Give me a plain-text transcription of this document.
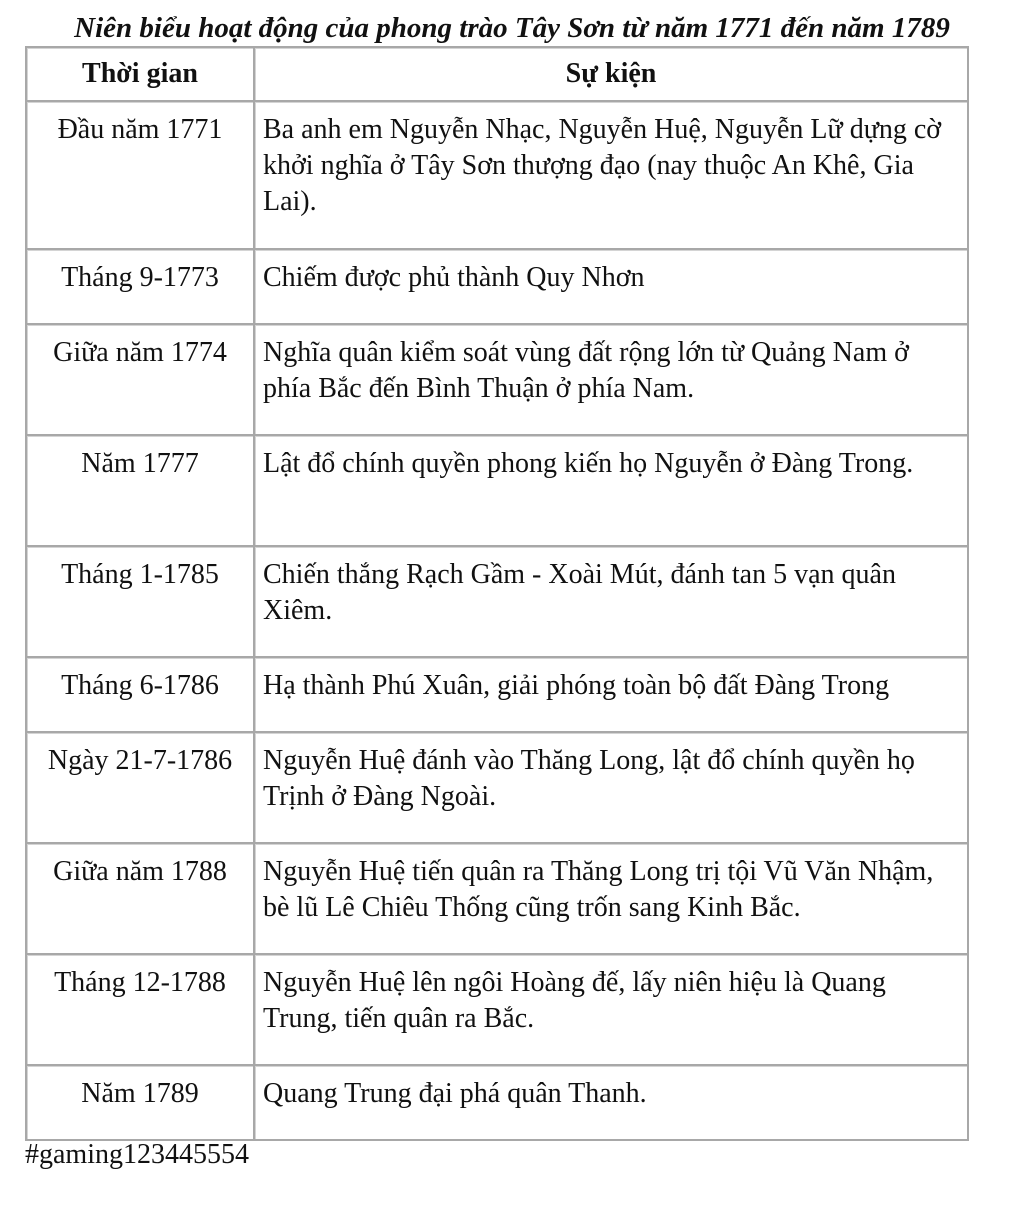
Niên biểu hoạt động của phong trào Tây Sơn từ năm 1771 đến năm 1789
Thời gian	Sự kiện
Đầu năm 1771	Ba anh em Nguyễn Nhạc, Nguyễn Huệ, Nguyễn Lữ dựng cờ khởi nghĩa ở Tây Sơn thượng đạo (nay thuộc An Khê, Gia Lai).
Tháng 9-1773	Chiếm được phủ thành Quy Nhơn
Giữa năm 1774	Nghĩa quân kiểm soát vùng đất rộng lớn từ Quảng Nam ở phía Bắc đến Bình Thuận ở phía Nam.
Năm 1777	Lật đổ chính quyền phong kiến họ Nguyễn ở Đàng Trong.
Tháng 1-1785	Chiến thắng Rạch Gầm - Xoài Mút, đánh tan 5 vạn quân Xiêm.
Tháng 6-1786	Hạ thành Phú Xuân, giải phóng toàn bộ đất Đàng Trong
Ngày 21-7-1786	Nguyễn Huệ đánh vào Thăng Long, lật đổ chính quyền họ Trịnh ở Đàng Ngoài.
Giữa năm 1788	Nguyễn Huệ tiến quân ra Thăng Long trị tội Vũ Văn Nhậm, bè lũ Lê Chiêu Thống cũng trốn sang Kinh Bắc.
Tháng 12-1788	Nguyễn Huệ lên ngôi Hoàng đế, lấy niên hiệu là Quang Trung, tiến quân ra Bắc.
Năm 1789	Quang Trung đại phá quân Thanh.
#gaming123445554
